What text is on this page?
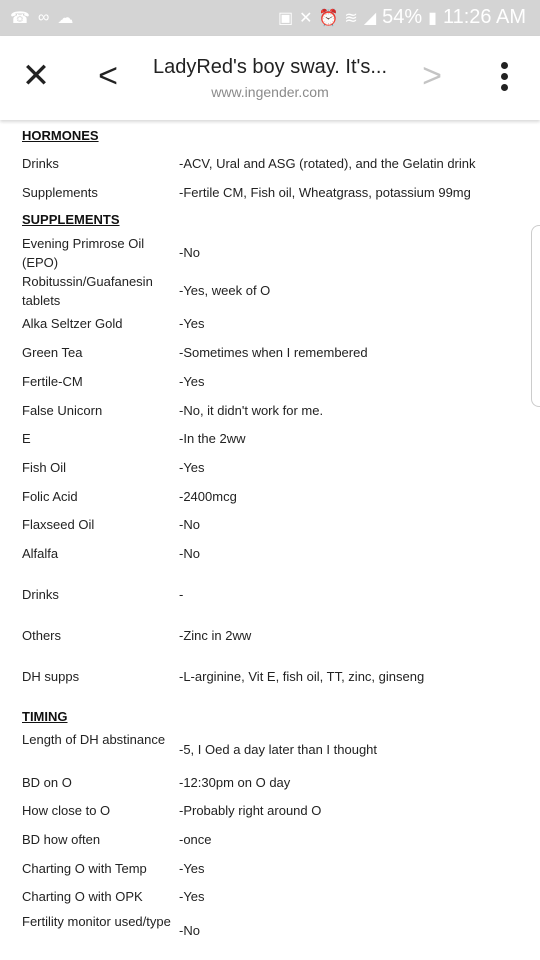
☎ ∞ ☁	▣ ✕ ⏰ ≋ ◢ 54% ▮ 11:26 AM
✕ <	LadyRed's boy sway. It's...
www.ingender.com	>
HORMONES
Drinks	-ACV, Ural and ASG (rotated), and the Gelatin drink
Supplements	-Fertile CM, Fish oil, Wheatgrass, potassium 99mg
SUPPLEMENTS
Evening Primrose Oil (EPO)
-No
Robitussin/Guafanesin tablets
-Yes, week of O
Alka Seltzer Gold	-Yes
Green Tea	-Sometimes when I remembered
Fertile-CM	-Yes
False Unicorn	-No, it didn't work for me.
E	-In the 2ww
Fish Oil	-Yes
Folic Acid	-2400mcg
Flaxseed Oil	-No
Alfalfa	-No
Drinks	-
Others	-Zinc in 2ww
DH supps	-L-arginine, Vit E, fish oil, TT, zinc, ginseng
TIMING
Length of DH abstinance
-5, I Oed a day later than I thought
BD on O	-12:30pm on O day
How close to O	-Probably right around O
BD how often	-once
Charting O with Temp	-Yes
Charting O with OPK	-Yes
Fertility monitor used/type
-No
